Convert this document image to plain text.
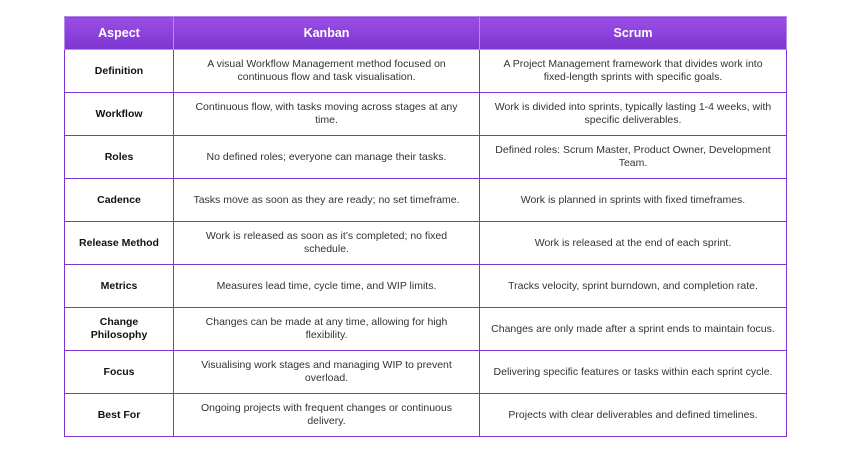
Aspect	Kanban	Scrum
Definition	A visual Workflow Management method focused on continuous flow and task visualisation.	A Project Management framework that divides work into fixed-length sprints with specific goals.
Workflow	Continuous flow, with tasks moving across stages at any time.	Work is divided into sprints, typically lasting 1-4 weeks, with specific deliverables.
Roles	No defined roles; everyone can manage their tasks.	Defined roles: Scrum Master, Product Owner, Development Team.
Cadence	Tasks move as soon as they are ready; no set timeframe.	Work is planned in sprints with fixed timeframes.
Release Method	Work is released as soon as it’s completed; no fixed schedule.	Work is released at the end of each sprint.
Metrics	Measures lead time, cycle time, and WIP limits.	Tracks velocity, sprint burndown, and completion rate.
Change Philosophy	Changes can be made at any time, allowing for high flexibility.	Changes are only made after a sprint ends to maintain focus.
Focus	Visualising work stages and managing WIP to prevent overload.	Delivering specific features or tasks within each sprint cycle.
Best For	Ongoing projects with frequent changes or continuous delivery.	Projects with clear deliverables and defined timelines.
